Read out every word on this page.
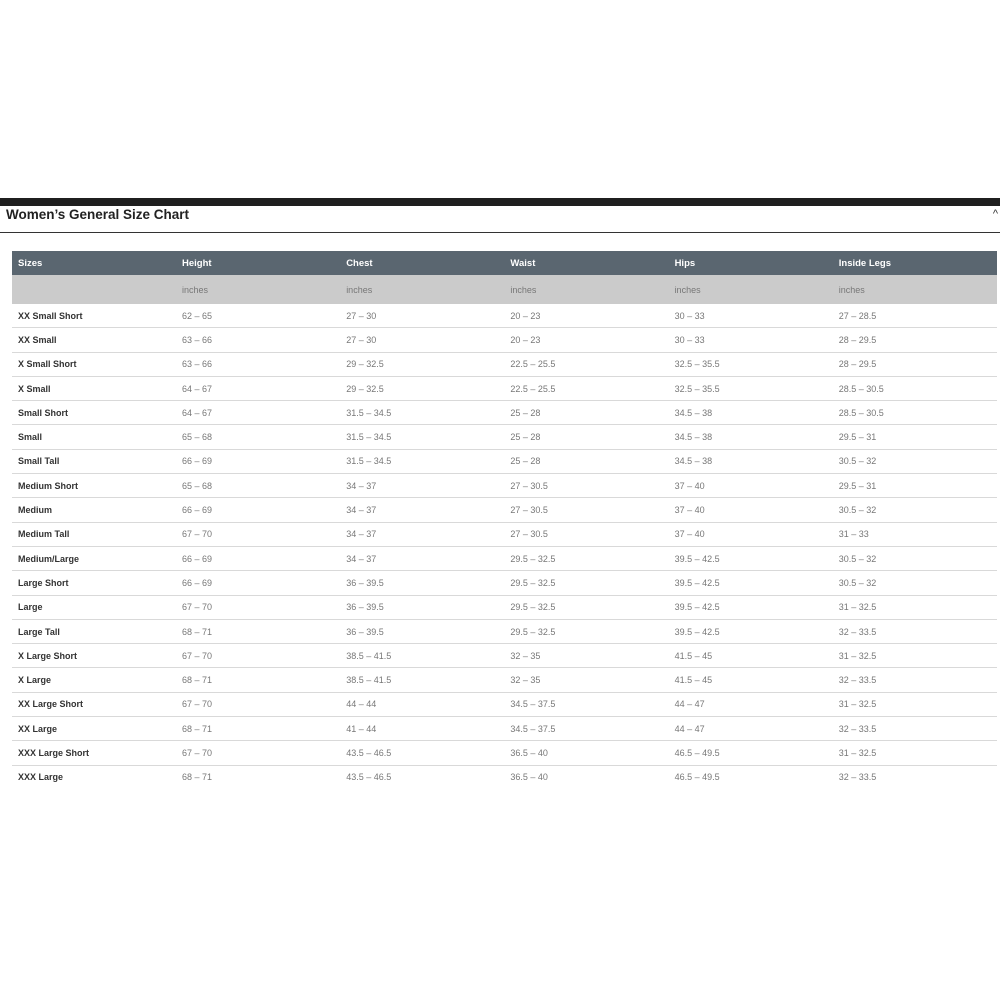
Women’s General Size Chart	^
Sizes	Height	Chest	Waist	Hips	Inside Legs
	inches	inches	inches	inches	inches
XX Small Short	62 – 65	27 – 30	20 – 23	30 – 33	27 – 28.5
XX Small	63 – 66	27 – 30	20 – 23	30 – 33	28 – 29.5
X Small Short	63 – 66	29 – 32.5	22.5 – 25.5	32.5 – 35.5	28 – 29.5
X Small	64 – 67	29 – 32.5	22.5 – 25.5	32.5 – 35.5	28.5 – 30.5
Small Short	64 – 67	31.5 – 34.5	25 – 28	34.5 – 38	28.5 – 30.5
Small	65 – 68	31.5 – 34.5	25 – 28	34.5 – 38	29.5 – 31
Small Tall	66 – 69	31.5 – 34.5	25 – 28	34.5 – 38	30.5 – 32
Medium Short	65 – 68	34 – 37	27 – 30.5	37 – 40	29.5 – 31
Medium	66 – 69	34 – 37	27 – 30.5	37 – 40	30.5 – 32
Medium Tall	67 – 70	34 – 37	27 – 30.5	37 – 40	31 – 33
Medium/Large	66 – 69	34 – 37	29.5 – 32.5	39.5 – 42.5	30.5 – 32
Large Short	66 – 69	36 – 39.5	29.5 – 32.5	39.5 – 42.5	30.5 – 32
Large	67 – 70	36 – 39.5	29.5 – 32.5	39.5 – 42.5	31 – 32.5
Large Tall	68 – 71	36 – 39.5	29.5 – 32.5	39.5 – 42.5	32 – 33.5
X Large Short	67 – 70	38.5 – 41.5	32 – 35	41.5 – 45	31 – 32.5
X Large	68 – 71	38.5 – 41.5	32 – 35	41.5 – 45	32 – 33.5
XX Large Short	67 – 70	44 – 44	34.5 – 37.5	44 – 47	31 – 32.5
XX Large	68 – 71	41 – 44	34.5 – 37.5	44 – 47	32 – 33.5
XXX Large Short	67 – 70	43.5 – 46.5	36.5 – 40	46.5 – 49.5	31 – 32.5
XXX Large	68 – 71	43.5 – 46.5	36.5 – 40	46.5 – 49.5	32 – 33.5
